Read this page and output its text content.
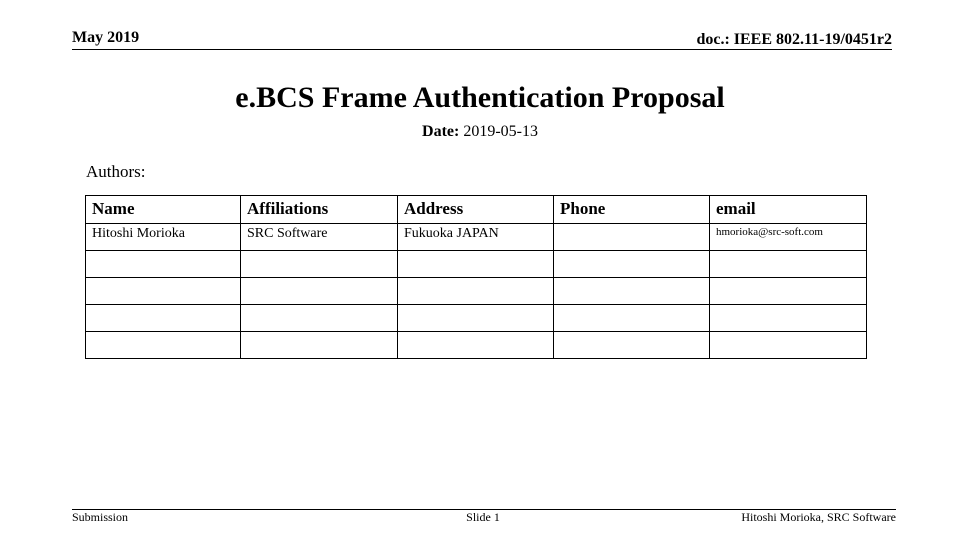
May 2019	doc.: IEEE 802.11-19/0451r2
e.BCS Frame Authentication Proposal
Date: 2019-05-13
Authors:
Name	Affiliations	Address	Phone	email
Hitoshi Morioka	SRC Software	Fukuoka JAPAN		hmorioka@src-soft.com

Submission	Slide 1	Hitoshi Morioka, SRC Software
